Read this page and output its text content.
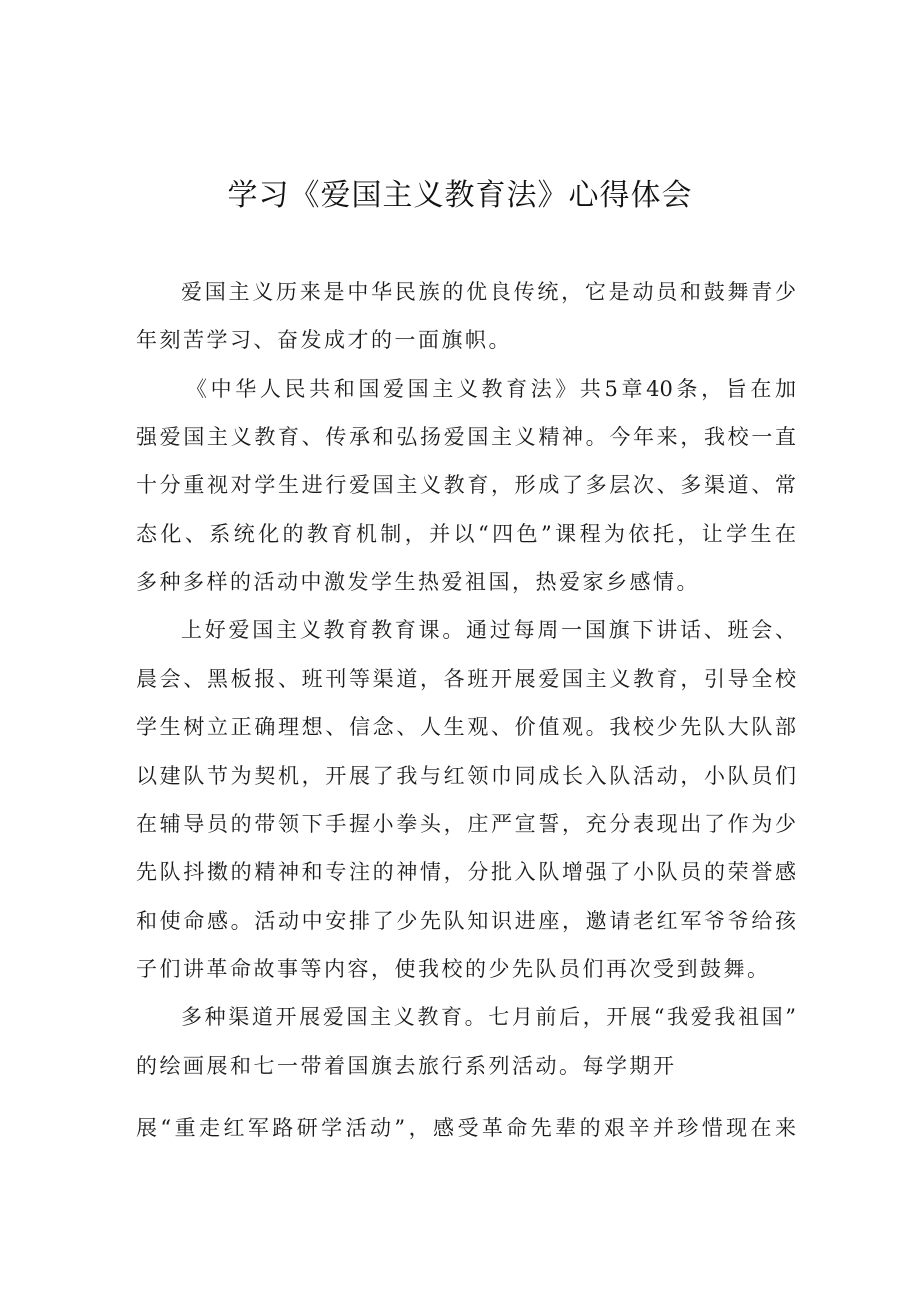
学习《爱国主义教育法》心得体会

爱国主义历来是中华民族的优良传统，它是动员和鼓舞青少

年刻苦学习、奋发成才的一面旗帜。

《中华人民共和国爱国主义教育法》共5章40条，旨在加

强爱国主义教育、传承和弘扬爱国主义精神。今年来，我校一直

十分重视对学生进行爱国主义教育，形成了多层次、多渠道、常

态化、系统化的教育机制，并以“四色”课程为依托，让学生在

多种多样的活动中激发学生热爱祖国，热爱家乡感情。

上好爱国主义教育教育课。通过每周一国旗下讲话、班会、

晨会、黑板报、班刊等渠道，各班开展爱国主义教育，引导全校

学生树立正确理想、信念、人生观、价值观。我校少先队大队部

以建队节为契机，开展了我与红领巾同成长入队活动，小队员们

在辅导员的带领下手握小拳头，庄严宣誓，充分表现出了作为少

先队抖擞的精神和专注的神情，分批入队增强了小队员的荣誉感

和使命感。活动中安排了少先队知识进座，邀请老红军爷爷给孩

子们讲革命故事等内容，使我校的少先队员们再次受到鼓舞。

多种渠道开展爱国主义教育。七月前后，开展“我爱我祖国”

的绘画展和七一带着国旗去旅行系列活动。每学期开

展“重走红军路研学活动”，感受革命先辈的艰辛并珍惜现在来
